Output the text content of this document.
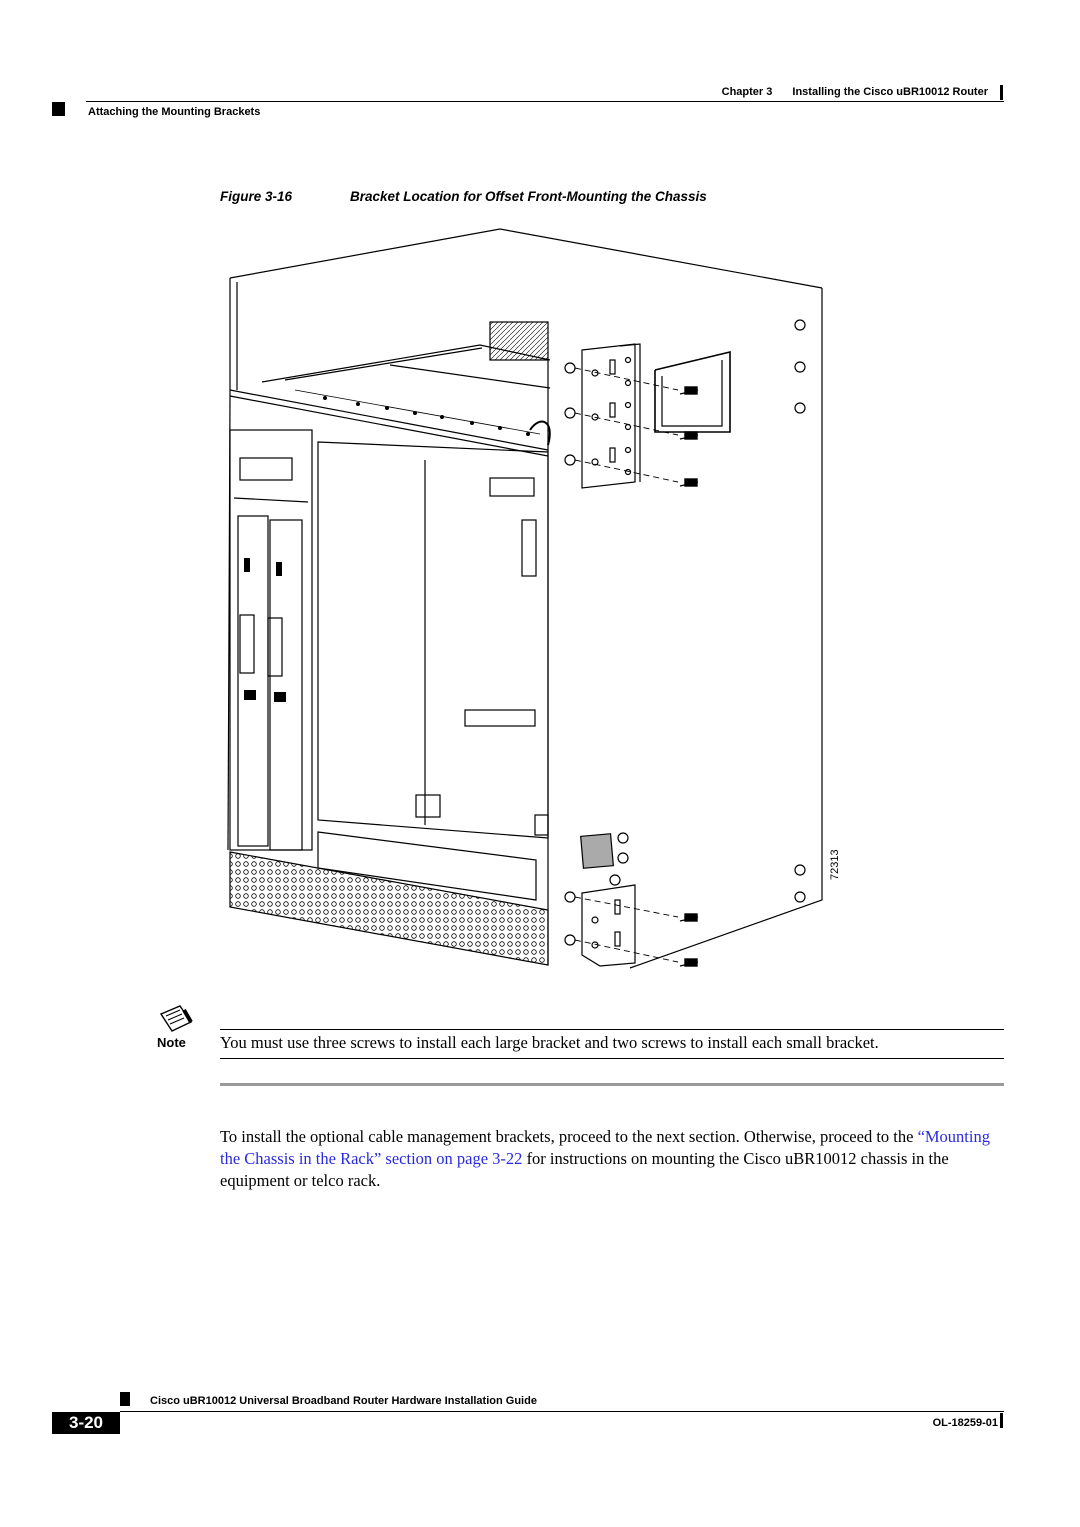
Chapter 3 Installing the Cisco uBR10012 Router
Attaching the Mounting Brackets
Figure 3-16	Bracket Location for Offset Front-Mounting the Chassis
72313
Note You must use three screws to install each large bracket and two screws to install each small bracket.
To install the optional cable management brackets, proceed to the next section. Otherwise, proceed to the “Mounting the Chassis in the Rack” section on page 3-22 for instructions on mounting the Cisco uBR10012 chassis in the equipment or telco rack.
Cisco uBR10012 Universal Broadband Router Hardware Installation Guide
3-20	OL-18259-01
